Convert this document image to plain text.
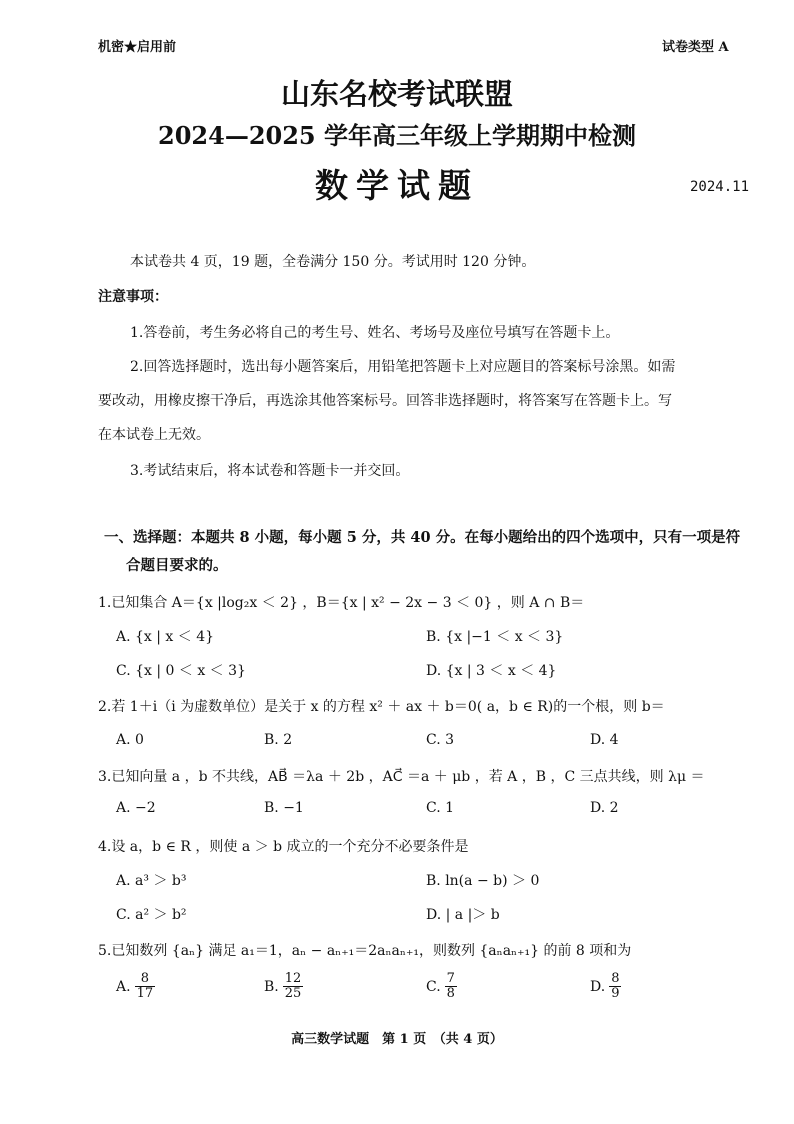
机密★启用前	试卷类型 A
山东名校考试联盟
2024—2025 学年高三年级上学期期中检测
数学试题	2024.11
本试卷共 4 页，19 题，全卷满分 150 分。考试用时 120 分钟。
注意事项：
1.答卷前，考生务必将自己的考生号、姓名、考场号及座位号填写在答题卡上。
2.回答选择题时，选出每小题答案后，用铅笔把答题卡上对应题目的答案标号涂黑。如需
要改动，用橡皮擦干净后，再选涂其他答案标号。回答非选择题时，将答案写在答题卡上。写
在本试卷上无效。
3.考试结束后，将本试卷和答题卡一并交回。
一、选择题：本题共 8 小题，每小题 5 分，共 40 分。在每小题给出的四个选项中，只有一项是符
合题目要求的。
1.已知集合 A＝{x |log₂x ＜ 2} ，B＝{x | x² − 2x − 3 ＜ 0} ，则 A ∩ B＝
A. {x | x ＜ 4}	B. {x |−1 ＜ x ＜ 3}
C. {x | 0 ＜ x ＜ 3}	D. {x | 3 ＜ x ＜ 4}
2.若 1＋i（i 为虚数单位）是关于 x 的方程 x² ＋ ax ＋ b＝0( a，b ∈ R)的一个根，则 b＝
A. 0	B. 2	C. 3	D. 4
3.已知向量 a ，b 不共线，AB⃗ ＝λa ＋ 2b ，AC⃗ ＝a ＋ μb ，若 A ，B ，C 三点共线，则 λμ ＝
A. −2	B. −1	C. 1	D. 2
4.设 a，b ∈ R ，则使 a ＞ b 成立的一个充分不必要条件是
A. a³ ＞ b³	B. ln(a − b) ＞ 0
C. a² ＞ b²	D. | a |＞ b
5.已知数列 {aₙ} 满足 a₁＝1，aₙ − aₙ₊₁＝2aₙaₙ₊₁，则数列 {aₙaₙ₊₁} 的前 8 项和为
A. $\frac{8}{17}$	B. $\frac{12}{25}$	C. $\frac{7}{8}$	D. $\frac{8}{9}$
高三数学试题　第 1 页　（共 4 页）
